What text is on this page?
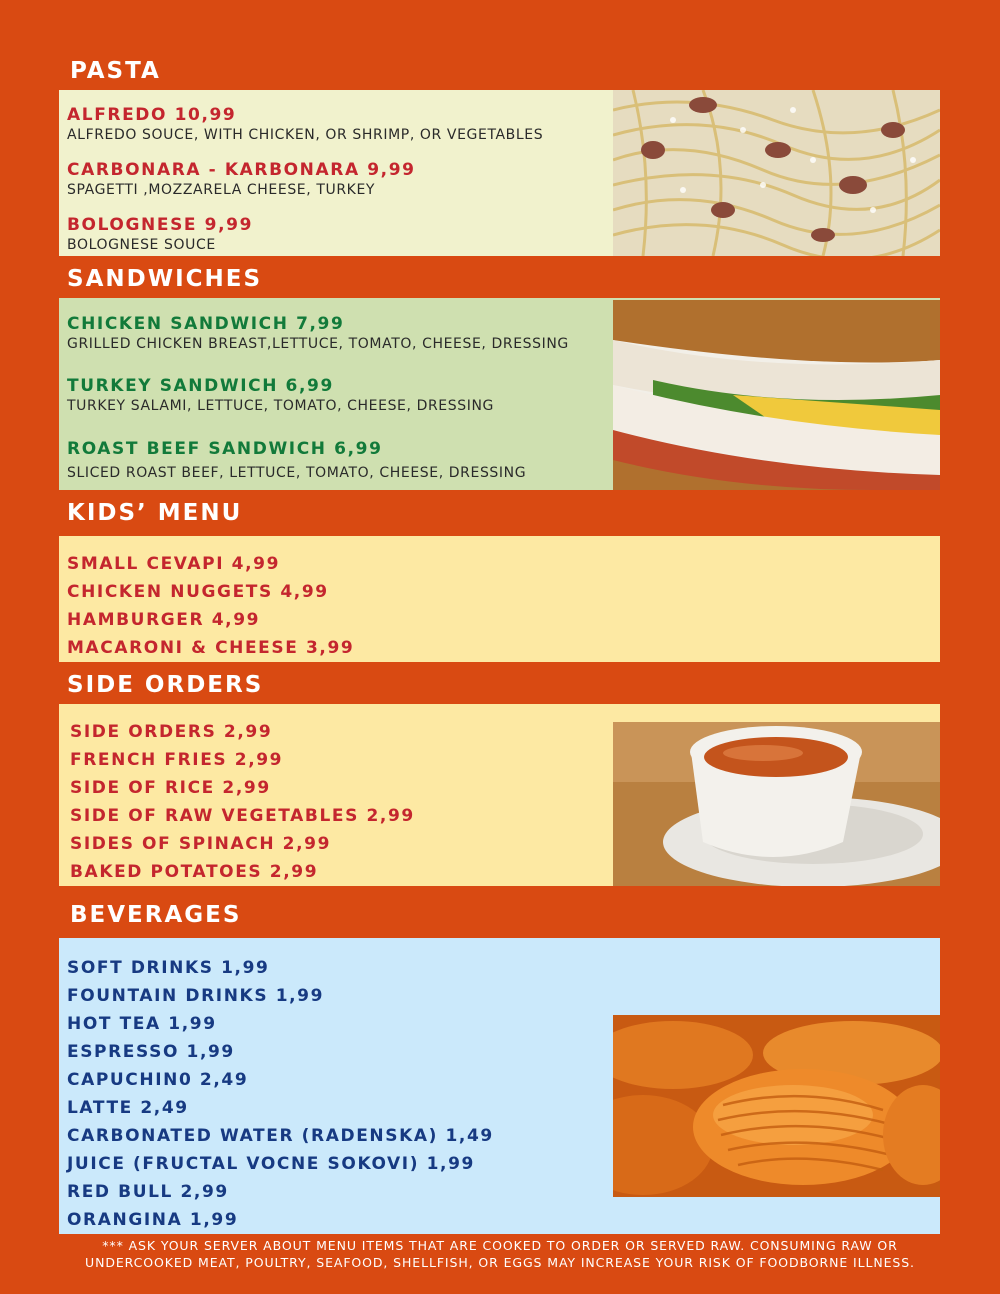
PASTA

ALFREDO 10,99

ALFREDO SOUCE, WITH CHICKEN, OR SHRIMP, OR VEGETABLES

CARBONARA - KARBONARA 9,99

SPAGETTI ,MOZZARELA CHEESE, TURKEY

BOLOGNESE 9,99

BOLOGNESE SOUCE

SANDWICHES

CHICKEN SANDWICH 7,99

GRILLED CHICKEN BREAST,LETTUCE, TOMATO, CHEESE, DRESSING

TURKEY SANDWICH 6,99

TURKEY SALAMI, LETTUCE, TOMATO, CHEESE, DRESSING

ROAST BEEF SANDWICH 6,99

SLICED ROAST BEEF, LETTUCE, TOMATO, CHEESE, DRESSING

KIDS’ MENU

SMALL CEVAPI 4,99

CHICKEN NUGGETS 4,99

HAMBURGER 4,99

MACARONI & CHEESE 3,99

SIDE ORDERS

SIDE ORDERS 2,99

FRENCH FRIES 2,99

SIDE OF RICE 2,99

SIDE OF RAW VEGETABLES 2,99

SIDES OF SPINACH 2,99

BAKED POTATOES 2,99

BEVERAGES

SOFT DRINKS 1,99

FOUNTAIN DRINKS 1,99

HOT TEA 1,99

ESPRESSO 1,99

CAPUCHIN0 2,49

LATTE 2,49

CARBONATED WATER (RADENSKA) 1,49

JUICE (FRUCTAL VOCNE SOKOVI) 1,99

RED BULL 2,99

ORANGINA 1,99

*** ASK YOUR SERVER ABOUT MENU ITEMS THAT ARE COOKED TO ORDER OR SERVED RAW. CONSUMING RAW OR
UNDERCOOKED MEAT, POULTRY, SEAFOOD, SHELLFISH, OR EGGS MAY INCREASE YOUR RISK OF FOODBORNE ILLNESS.
